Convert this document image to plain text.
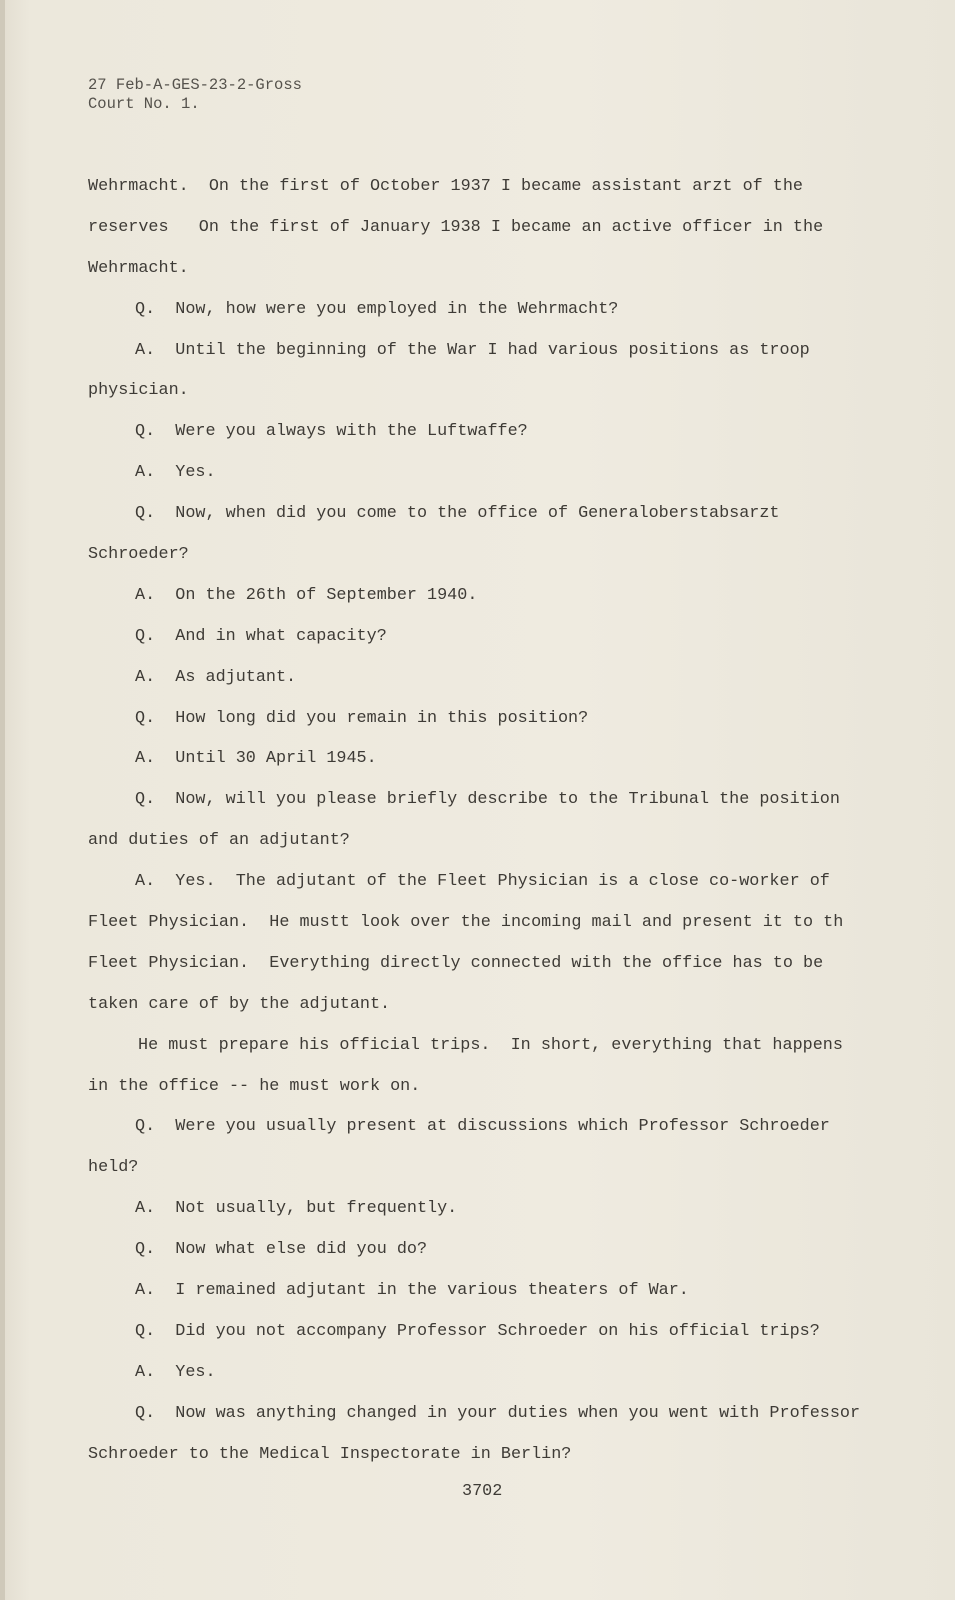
27 Feb-A-GES-23-2-Gross
Court No. 1.
Wehrmacht.  On the first of October 1937 I became assistant arzt of the
reserves   On the first of January 1938 I became an active officer in the
Wehrmacht.
Q.  Now, how were you employed in the Wehrmacht?
A.  Until the beginning of the War I had various positions as troop
physician.
Q.  Were you always with the Luftwaffe?
A.  Yes.
Q.  Now, when did you come to the office of Generaloberstabsarzt
Schroeder?
A.  On the 26th of September 1940.
Q.  And in what capacity?
A.  As adjutant.
Q.  How long did you remain in this position?
A.  Until 30 April 1945.
Q.  Now, will you please briefly describe to the Tribunal the position
and duties of an adjutant?
A.  Yes.  The adjutant of the Fleet Physician is a close co-worker of
Fleet Physician.  He mustt look over the incoming mail and present it to th
Fleet Physician.  Everything directly connected with the office has to be
taken care of by the adjutant.
He must prepare his official trips.  In short, everything that happens
in the office -- he must work on.
Q.  Were you usually present at discussions which Professor Schroeder
held?
A.  Not usually, but frequently.
Q.  Now what else did you do?
A.  I remained adjutant in the various theaters of War.
Q.  Did you not accompany Professor Schroeder on his official trips?
A.  Yes.
Q.  Now was anything changed in your duties when you went with Professor
Schroeder to the Medical Inspectorate in Berlin?
3702
